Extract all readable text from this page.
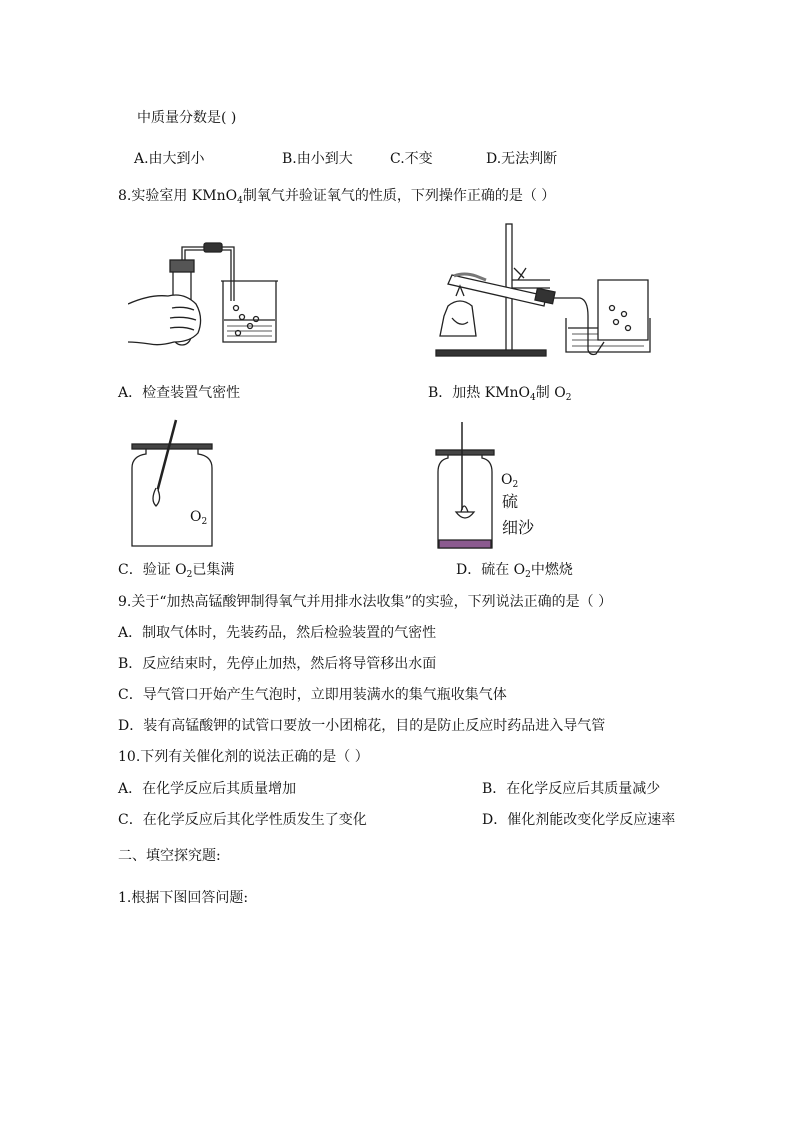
中质量分数是( )
A.由大到小	B.由小到大	C.不变	D.无法判断
8.实验室用 KMnO$_4$制氧气并验证氧气的性质，下列操作正确的是（ ）
A．检查装置气密性	B．加热 KMnO$_4$制 $O_2$
$O_2$
C．验证 $O_2$已集满
$O_2$
硫
细沙
D．硫在 $O_2$中燃烧
9.关于“加热高锰酸钾制得氧气并用排水法收集”的实验，下列说法正确的是（ ）
A．制取气体时，先装药品，然后检验装置的气密性
B．反应结束时，先停止加热，然后将导管移出水面
C．导气管口开始产生气泡时，立即用装满水的集气瓶收集气体
D．装有高锰酸钾的试管口要放一小团棉花，目的是防止反应时药品进入导气管
10.下列有关催化剂的说法正确的是（ ）
A．在化学反应后其质量增加	B．在化学反应后其质量减少
C．在化学反应后其化学性质发生了变化	D．催化剂能改变化学反应速率
二、填空探究题:
1.根据下图回答问题:
